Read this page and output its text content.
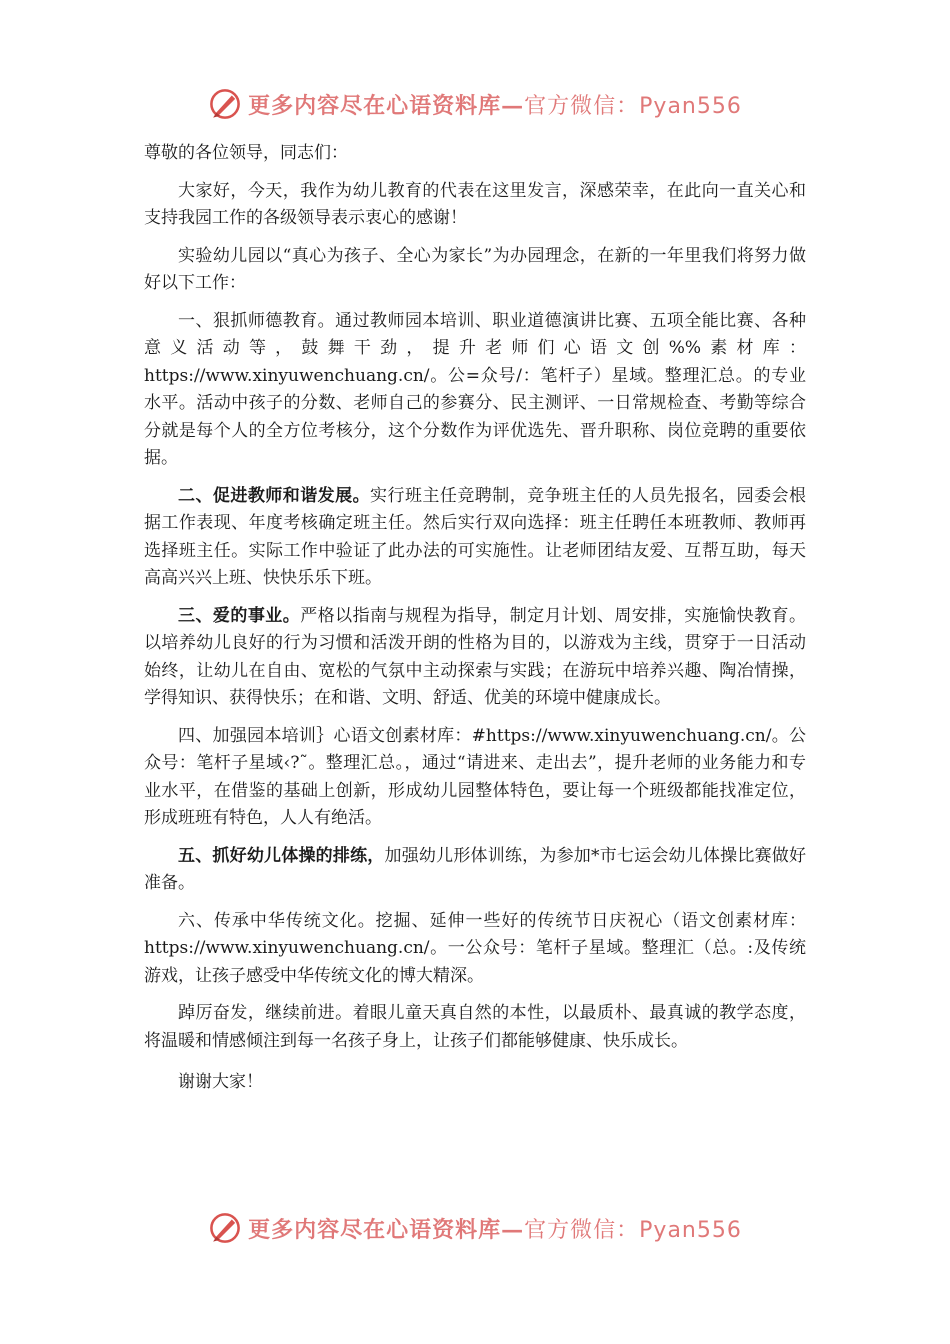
更多内容尽在心语资料库—官方微信：Pyan556

尊敬的各位领导，同志们：

大家好，今天，我作为幼儿教育的代表在这里发言，深感荣幸，在此向一直关心和支持我园工作的各级领导表示衷心的感谢！

实验幼儿园以“真心为孩子、全心为家长”为办园理念，在新的一年里我们将努力做好以下工作：

一、狠抓师德教育。通过教师园本培训、职业道德演讲比赛、五项全能比赛、各种意义活动等，鼓舞干劲，提升老师们心语文创%%素材库：https://www.xinyuwenchuang.cn/。公=众号/：笔杆子）星域。整理汇总。的专业水平。活动中孩子的分数、老师自己的参赛分、民主测评、一日常规检查、考勤等综合分就是每个人的全方位考核分，这个分数作为评优选先、晋升职称、岗位竞聘的重要依据。

二、促进教师和谐发展。实行班主任竞聘制，竞争班主任的人员先报名，园委会根据工作表现、年度考核确定班主任。然后实行双向选择：班主任聘任本班教师、教师再选择班主任。实际工作中验证了此办法的可实施性。让老师团结友爱、互帮互助，每天高高兴兴上班、快快乐乐下班。

三、爱的事业。严格以指南与规程为指导，制定月计划、周安排，实施愉快教育。以培养幼儿良好的行为习惯和活泼开朗的性格为目的，以游戏为主线，贯穿于一日活动始终，让幼儿在自由、宽松的气氛中主动探索与实践；在游玩中培养兴趣、陶冶情操，学得知识、获得快乐；在和谐、文明、舒适、优美的环境中健康成长。

四、加强园本培训｝心语文创素材库：#https://www.xinyuwenchuang.cn/。公众号：笔杆子星域‹?˜。整理汇总。，通过“请进来、走出去”，提升老师的业务能力和专业水平，在借鉴的基础上创新，形成幼儿园整体特色，要让每一个班级都能找准定位，形成班班有特色，人人有绝活。

五、抓好幼儿体操的排练，加强幼儿形体训练，为参加*市七运会幼儿体操比赛做好准备。

六、传承中华传统文化。挖掘、延伸一些好的传统节日庆祝心（语文创素材库：https://www.xinyuwenchuang.cn/。一公众号：笔杆子星域。整理汇（总。:及传统游戏，让孩子感受中华传统文化的博大精深。

踔厉奋发，继续前进。着眼儿童天真自然的本性，以最质朴、最真诚的教学态度，将温暖和情感倾注到每一名孩子身上，让孩子们都能够健康、快乐成长。

谢谢大家！

更多内容尽在心语资料库—官方微信：Pyan556
